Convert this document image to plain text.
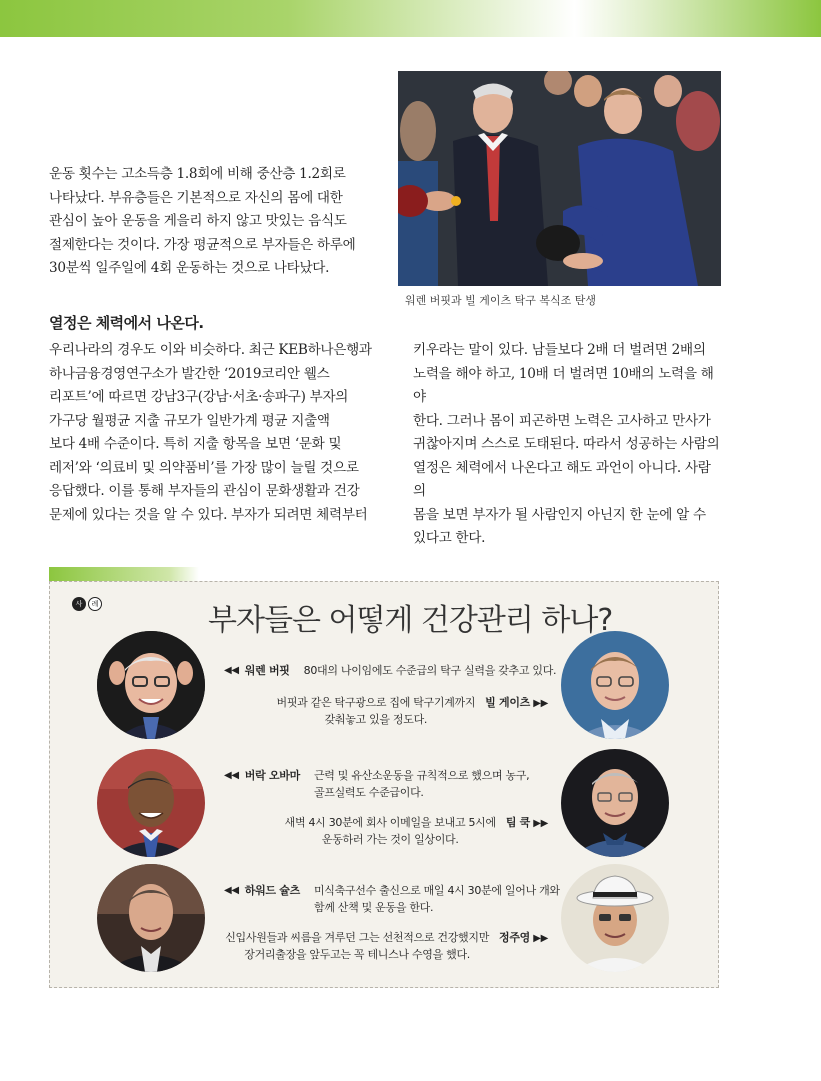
워렌 버핏과 빌 게이츠 탁구 복식조 탄생
운동 횟수는 고소득층 1.8회에 비해 중산층 1.2회로
나타났다. 부유층들은 기본적으로 자신의 몸에 대한
관심이 높아 운동을 게을리 하지 않고 맛있는 음식도
절제한다는 것이다. 가장 평균적으로 부자들은 하루에
30분씩 일주일에 4회 운동하는 것으로 나타났다.
열정은 체력에서 나온다.
우리나라의 경우도 이와 비슷하다. 최근 KEB하나은행과
하나금융경영연구소가 발간한 ‘2019코리안 웰스
리포트’에 따르면 강남3구(강남·서초·송파구) 부자의
가구당 월평균 지출 규모가 일반가계 평균 지출액
보다 4배 수준이다. 특히 지출 항목을 보면 ‘문화 및
레저’와 ‘의료비 및 의약품비’를 가장 많이 늘릴 것으로
응답했다. 이를 통해 부자들의 관심이 문화생활과 건강
문제에 있다는 것을 알 수 있다. 부자가 되려면 체력부터
키우라는 말이 있다. 남들보다 2배 더 벌려면 2배의
노력을 해야 하고, 10배 더 벌려면 10배의 노력을 해야
한다. 그러나 몸이 피곤하면 노력은 고사하고 만사가
귀찮아지며 스스로 도태된다. 따라서 성공하는 사람의
열정은 체력에서 나온다고 해도 과언이 아니다. 사람의
몸을 보면 부자가 될 사람인지 아닌지 한 눈에 알 수
있다고 한다.
사	례	부자들은 어떻게 건강관리 하나?
◀◀ 워렌 버핏 80대의 나이임에도 수준급의 탁구 실력을 갖추고 있다.
버핏과 같은 탁구광으로 집에 탁구기계까지
갖춰놓고 있을 정도다.
빌 게이츠 ▶▶
◀◀ 버락 오바마 근력 및 유산소운동을 규칙적으로 했으며 농구,
골프실력도 수준급이다.
새벽 4시 30분에 회사 이메일을 보내고 5시에
운동하러 가는 것이 일상이다.
팀 쿡 ▶▶
◀◀ 하워드 슐츠 미식축구선수 출신으로 매일 4시 30분에 일어나 개와
함께 산책 및 운동을 한다.
신입사원들과 씨름을 겨루던 그는 선천적으로 건강했지만
장거리출장을 앞두고는 꼭 테니스나 수영을 했다.
정주영 ▶▶
